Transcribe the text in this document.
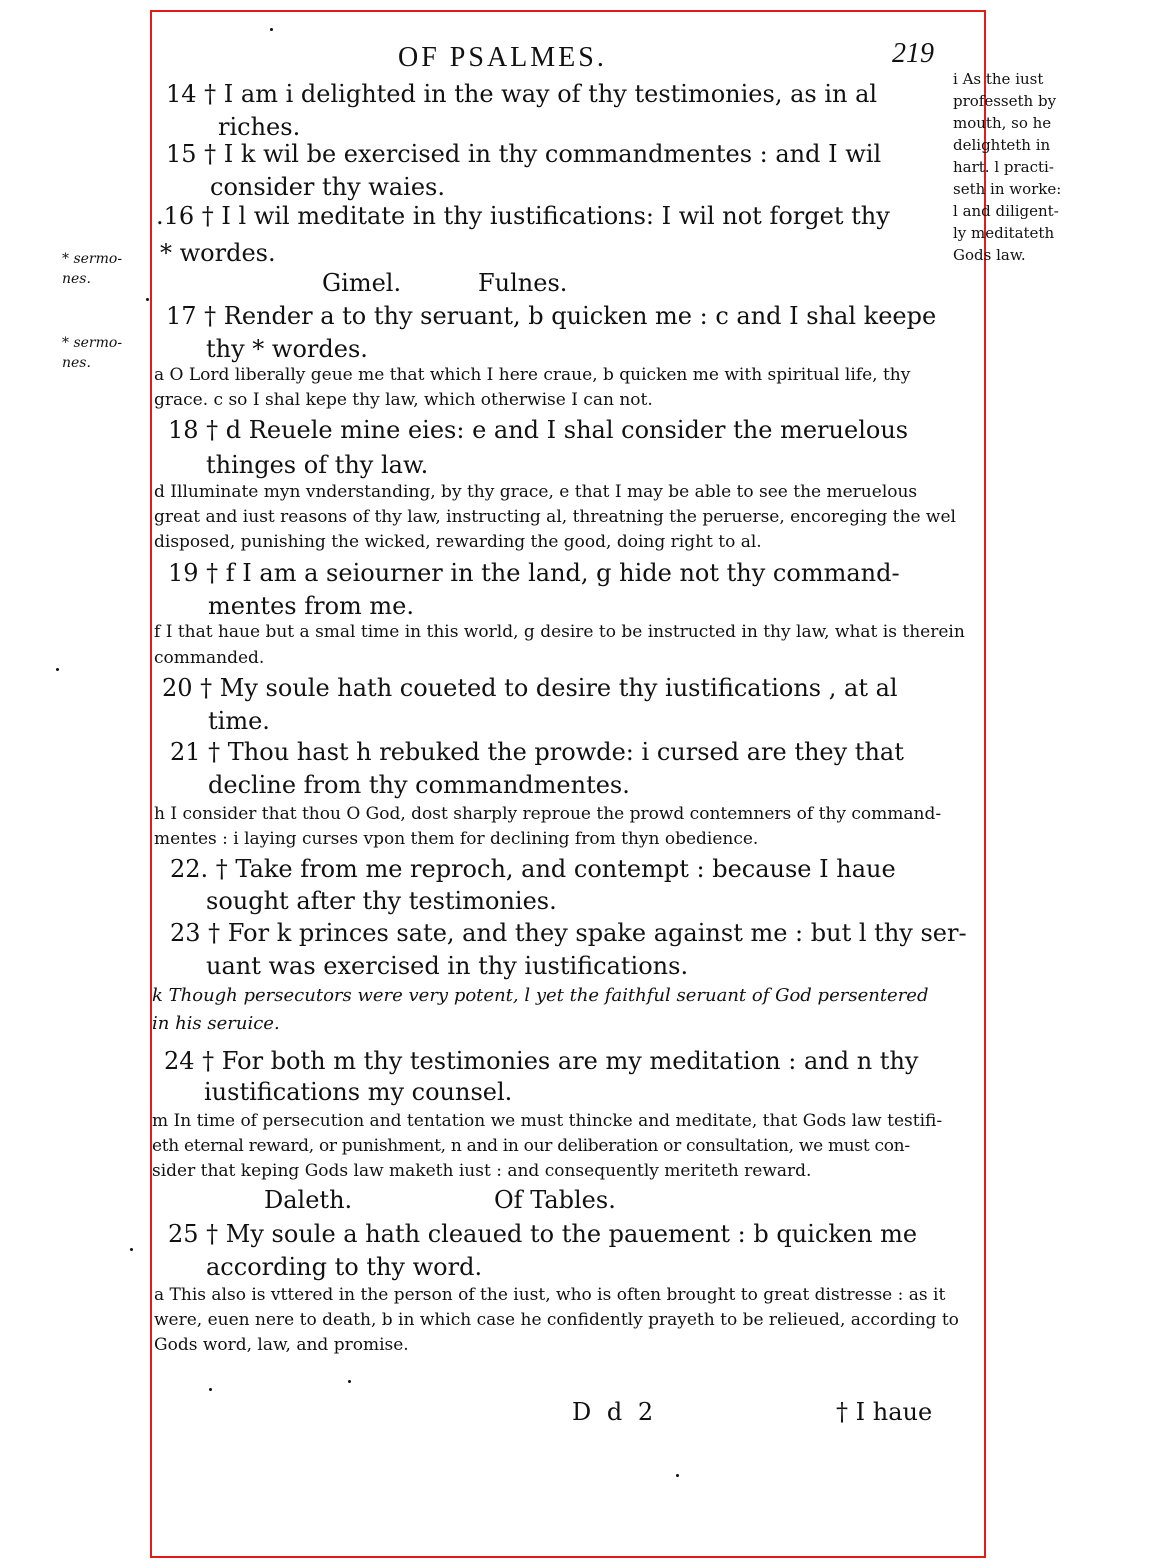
OF PSALMES.	219
i As the iust
professeth by
mouth, so he
delighteth in
hart. l practi-
seth in worke:
l and diligent-
ly meditateth
Gods law.
* sermo-
nes.
* sermo-
nes.
14 † I am i delighted in the way of thy testimonies, as in al
riches.
15 † I k wil be exercised in thy commandmentes : and I wil
consider thy waies.
.16 † I l wil meditate in thy iustifications: I wil not forget thy
* wordes.
Gimel.	Fulnes.
17 † Render a to thy seruant, b quicken me : c and I shal keepe
thy * wordes.
a O Lord liberally geue me that which I here craue, b quicken me with spiritual life, thy
grace. c so I shal kepe thy law, which otherwise I can not.
18 † d Reuele mine eies: e and I shal consider the meruelous
thinges of thy law.
d Illuminate myn vnderstanding, by thy grace, e that I may be able to see the meruelous
great and iust reasons of thy law, instructing al, threatning the peruerse, encoreging the wel
disposed, punishing the wicked, rewarding the good, doing right to al.
19 † f I am a seiourner in the land, g hide not thy command-
mentes from me.
f I that haue but a smal time in this world, g desire to be instructed in thy law, what is therein
commanded.
20 † My soule hath coueted to desire thy iustifications , at al
time.
21 † Thou hast h rebuked the prowde: i cursed are they that
decline from thy commandmentes.
h I consider that thou O God, dost sharply reproue the prowd contemners of thy command-
mentes : i laying curses vpon them for declining from thyn obedience.
22. † Take from me reproch, and contempt : because I haue
sought after thy testimonies.
23 † For k princes sate, and they spake against me : but l thy ser-
uant was exercised in thy iustifications.
k Though persecutors were very potent, l yet the faithful seruant of God persentered
in his seruice.
24 † For both m thy testimonies are my meditation : and n thy
iustifications my counsel.
m In time of persecution and tentation we must thincke and meditate, that Gods law testifi-
eth eternal reward, or punishment, n and in our deliberation or consultation, we must con-
sider that keping Gods law maketh iust : and consequently meriteth reward.
Daleth.	Of Tables.
25 † My soule a hath cleaued to the pauement : b quicken me
according to thy word.
a This also is vttered in the person of the iust, who is often brought to great distresse : as it
were, euen nere to death, b in which case he confidently prayeth to be relieued, according to
Gods word, law, and promise.
D d 2	† I haue
